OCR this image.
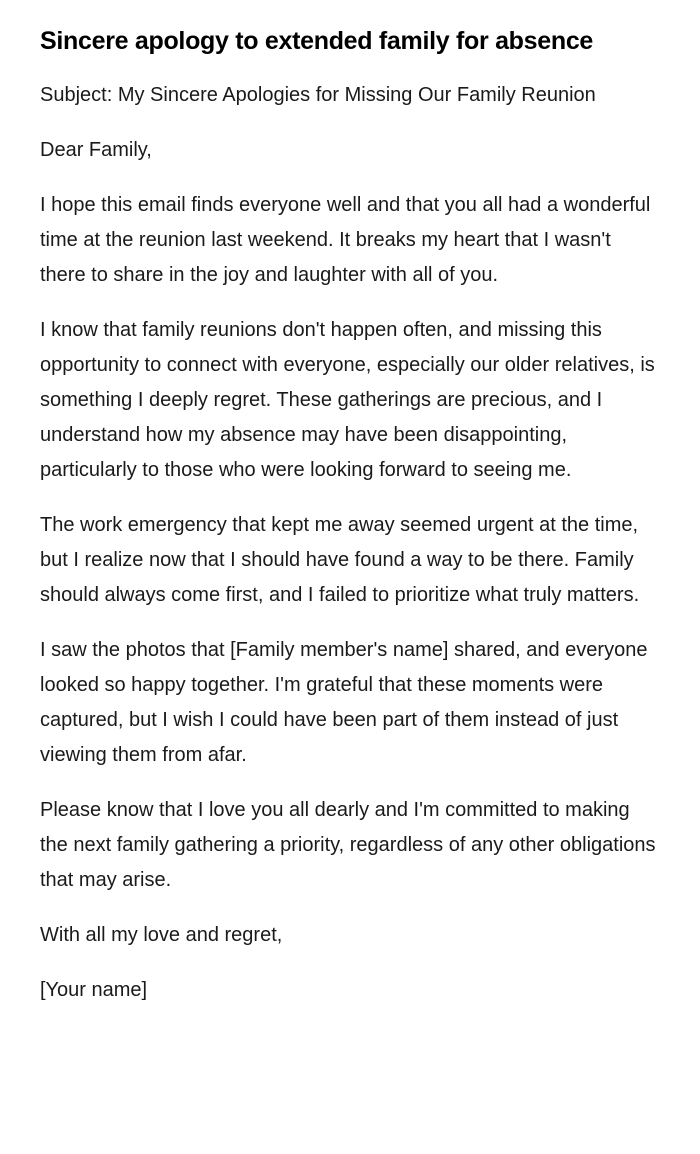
Sincere apology to extended family for absence

Subject: My Sincere Apologies for Missing Our Family Reunion

Dear Family,

I hope this email finds everyone well and that you all had a wonderful time at the reunion last weekend. It breaks my heart that I wasn't there to share in the joy and laughter with all of you.

I know that family reunions don't happen often, and missing this opportunity to connect with everyone, especially our older relatives, is something I deeply regret. These gatherings are precious, and I understand how my absence may have been disappointing, particularly to those who were looking forward to seeing me.

The work emergency that kept me away seemed urgent at the time, but I realize now that I should have found a way to be there. Family should always come first, and I failed to prioritize what truly matters.

I saw the photos that [Family member's name] shared, and everyone looked so happy together. I'm grateful that these moments were captured, but I wish I could have been part of them instead of just viewing them from afar.

Please know that I love you all dearly and I'm committed to making the next family gathering a priority, regardless of any other obligations that may arise.

With all my love and regret,

[Your name]
